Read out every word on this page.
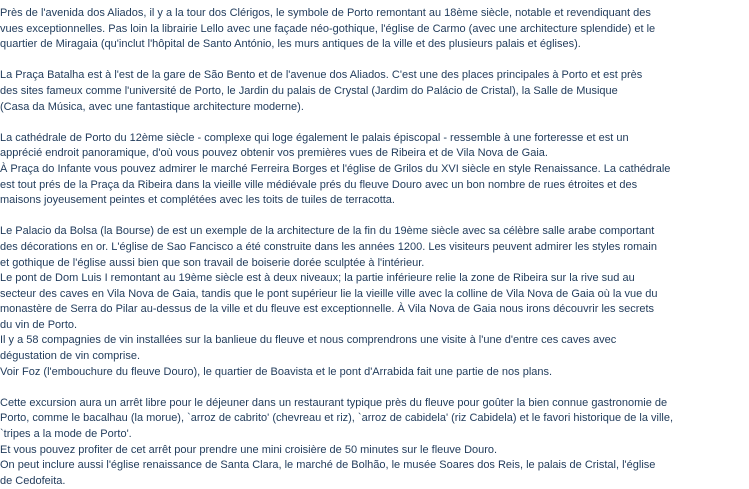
Près de l'avenida dos Aliados, il y a la tour dos Clérigos, le symbole de Porto remontant au 18ème siècle, notable et revendiquant des
vues exceptionnelles. Pas loin la librairie Lello avec une façade néo-gothique, l'église de Carmo (avec une architecture splendide) et le
quartier de Miragaia (qu'inclut l'hôpital de Santo António, les murs antiques de la ville et des plusieurs palais et églises).
La Praça Batalha est à l'est de la gare de São Bento et de l'avenue dos Aliados. C'est une des places principales à Porto et est près
des sites fameux comme l'université de Porto, le Jardin du palais de Crystal (Jardim do Palácio de Cristal), la Salle de Musique
(Casa da Música, avec une fantastique architecture moderne).
La cathédrale de Porto du 12ème siècle - complexe qui loge également le palais épiscopal - ressemble à une forteresse et est un
apprécié endroit panoramique, d'où vous pouvez obtenir vos premières vues de Ribeira et de Vila Nova de Gaia.
À Praça do Infante vous pouvez admirer le marché Ferreira Borges et l'église de Grilos du XVI siècle en style Renaissance. La cathédrale
est tout prés de la Praça da Ribeira dans la vieille ville médiévale prés du fleuve Douro avec un bon nombre de rues étroites et des
maisons joyeusement peintes et complétées avec les toits de tuiles de terracotta.
Le Palacio da Bolsa (la Bourse) de est un exemple de la architecture de la fin du 19ème siècle avec sa célèbre salle arabe comportant
des décorations en or. L'église de Sao Fancisco a été construite dans les années 1200. Les visiteurs peuvent admirer les styles romain
et gothique de l'église aussi bien que son travail de boiserie dorée sculptée à l'intérieur.
Le pont de Dom Luis I remontant au 19ème siècle est à deux niveaux; la partie inférieure relie la zone de Ribeira sur la rive sud au
secteur des caves en Vila Nova de Gaia, tandis que le pont supérieur lie la vieille ville avec la colline de Vila Nova de Gaia où la vue du
monastère de Serra do Pilar au-dessus de la ville et du fleuve est exceptionnelle. À Vila Nova de Gaia nous irons découvrir les secrets
du vin de Porto.
Il y a 58 compagnies de vin installées sur la banlieue du fleuve et nous comprendrons une visite à l'une d'entre ces caves avec
dégustation de vin comprise.
Voir Foz (l'embouchure du fleuve Douro), le quartier de Boavista et le pont d'Arrabida fait une partie de nos plans.
Cette excursion aura un arrêt libre pour le déjeuner dans un restaurant typique près du fleuve pour goûter la bien connue gastronomie de
Porto, comme le bacalhau (la morue), `arroz de cabrito' (chevreau et riz), `arroz de cabidela' (riz Cabidela) et le favori historique de la ville,
`tripes a la mode de Porto'.
Et vous pouvez profiter de cet arrêt pour prendre une mini croisière de 50 minutes sur le fleuve Douro.
On peut inclure aussi l'église renaissance de Santa Clara, le marché de Bolhão, le musée Soares dos Reis, le palais de Cristal, l'église
de Cedofeita.
